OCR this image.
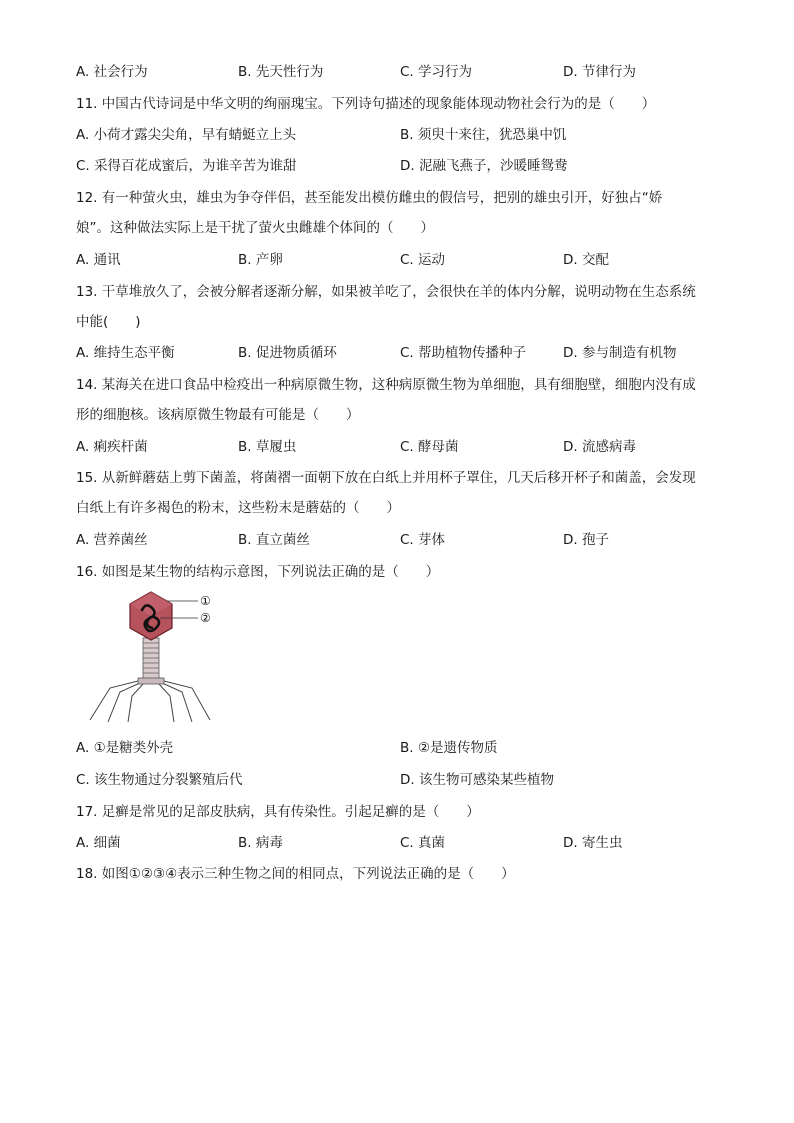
A. 社会行为	B. 先天性行为	C. 学习行为	D. 节律行为
11. 中国古代诗词是中华文明的绚丽瑰宝。下列诗句描述的现象能体现动物社会行为的是（　　）
A. 小荷才露尖尖角，早有蜻蜓立上头	B. 须臾十来往，犹恐巢中饥
C. 采得百花成蜜后，为谁辛苦为谁甜	D. 泥融飞燕子，沙暖睡鸳鸯
12. 有一种萤火虫，雄虫为争夺伴侣，甚至能发出模仿雌虫的假信号，把别的雄虫引开，好独占“娇
娘”。这种做法实际上是干扰了萤火虫雌雄个体间的（　　）
A. 通讯	B. 产卵	C. 运动	D. 交配
13. 干草堆放久了，会被分解者逐渐分解，如果被羊吃了，会很快在羊的体内分解，说明动物在生态系统
中能(　　)
A. 维持生态平衡	B. 促进物质循环	C. 帮助植物传播种子	D. 参与制造有机物
14. 某海关在进口食品中检疫出一种病原微生物，这种病原微生物为单细胞，具有细胞壁，细胞内没有成
形的细胞核。该病原微生物最有可能是（　　）
A. 痢疾杆菌	B. 草履虫	C. 酵母菌	D. 流感病毒
15. 从新鲜蘑菇上剪下菌盖，将菌褶一面朝下放在白纸上并用杯子罩住，几天后移开杯子和菌盖，会发现
白纸上有许多褐色的粉末，这些粉末是蘑菇的（　　）
A. 营养菌丝	B. 直立菌丝	C. 芽体	D. 孢子
16. 如图是某生物的结构示意图，下列说法正确的是（　　）
①
②
A. ①是糖类外壳	B. ②是遗传物质
C. 该生物通过分裂繁殖后代	D. 该生物可感染某些植物
17. 足癣是常见的足部皮肤病，具有传染性。引起足癣的是（　　）
A. 细菌	B. 病毒	C. 真菌	D. 寄生虫
18. 如图①②③④表示三种生物之间的相同点，下列说法正确的是（　　）
